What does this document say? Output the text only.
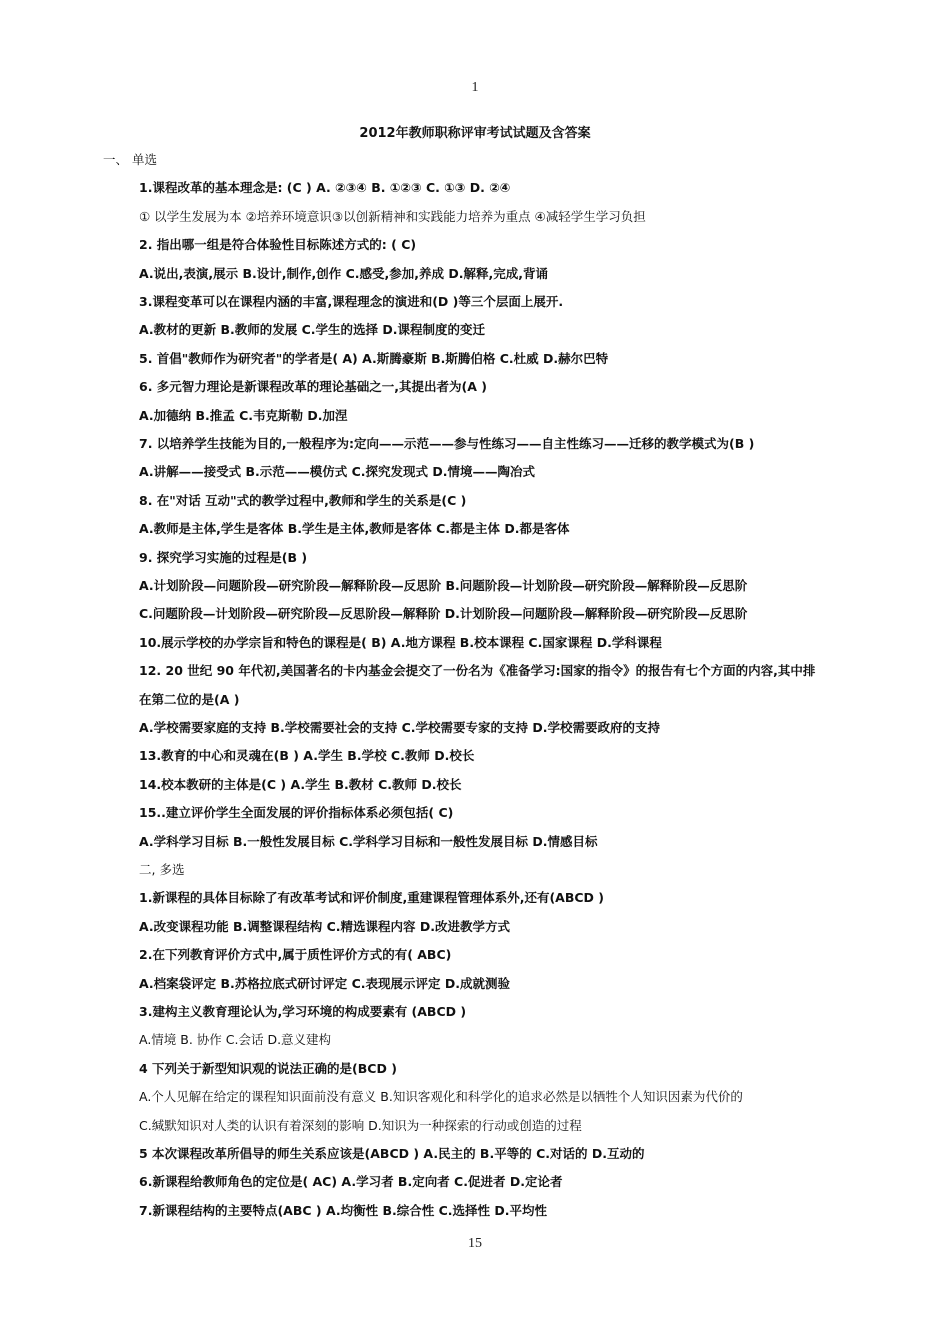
1
2012年教师职称评审考试试题及含答案
一、 单选
1.课程改革的基本理念是: (C ) A. ②③④ B. ①②③ C. ①③ D. ②④
① 以学生发展为本 ②培养环境意识③以创新精神和实践能力培养为重点 ④减轻学生学习负担
2. 指出哪一组是符合体验性目标陈述方式的: ( C)
A.说出,表演,展示 B.设计,制作,创作 C.感受,参加,养成 D.解释,完成,背诵
3.课程变革可以在课程内涵的丰富,课程理念的演进和(D )等三个层面上展开.
A.教材的更新 B.教师的发展 C.学生的选择 D.课程制度的变迁
5. 首倡"教师作为研究者"的学者是( A) A.斯腾豪斯 B.斯腾伯格 C.杜威 D.赫尔巴特
6. 多元智力理论是新课程改革的理论基础之一,其提出者为(A )
A.加德纳 B.推孟 C.韦克斯勒 D.加涅
7. 以培养学生技能为目的,一般程序为:定向——示范——参与性练习——自主性练习——迁移的教学模式为(B )
A.讲解——接受式 B.示范——模仿式 C.探究发现式 D.情境——陶冶式
8. 在"对话 互动"式的教学过程中,教师和学生的关系是(C )
A.教师是主体,学生是客体 B.学生是主体,教师是客体 C.都是主体 D.都是客体
9. 探究学习实施的过程是(B )
A.计划阶段—问题阶段—研究阶段—解释阶段—反思阶 B.问题阶段—计划阶段—研究阶段—解释阶段—反思阶
C.问题阶段—计划阶段—研究阶段—反思阶段—解释阶 D.计划阶段—问题阶段—解释阶段—研究阶段—反思阶
10.展示学校的办学宗旨和特色的课程是( B) A.地方课程 B.校本课程 C.国家课程 D.学科课程
12. 20 世纪 90 年代初,美国著名的卡内基金会提交了一份名为《准备学习:国家的指令》的报告有七个方面的内容,其中排
在第二位的是(A )
A.学校需要家庭的支持 B.学校需要社会的支持 C.学校需要专家的支持 D.学校需要政府的支持
13.教育的中心和灵魂在(B ) A.学生 B.学校 C.教师 D.校长
14.校本教研的主体是(C ) A.学生 B.教材 C.教师 D.校长
15..建立评价学生全面发展的评价指标体系必须包括( C)
A.学科学习目标 B.一般性发展目标 C.学科学习目标和一般性发展目标 D.情感目标
二, 多选
1.新课程的具体目标除了有改革考试和评价制度,重建课程管理体系外,还有(ABCD )
A.改变课程功能 B.调整课程结构 C.精选课程内容 D.改进教学方式
2.在下列教育评价方式中,属于质性评价方式的有( ABC)
A.档案袋评定 B.苏格拉底式研讨评定 C.表现展示评定 D.成就测验
3.建构主义教育理论认为,学习环境的构成要素有 (ABCD )
A.情境 B. 协作 C.会话 D.意义建构
4 下列关于新型知识观的说法正确的是(BCD )
A.个人见解在给定的课程知识面前没有意义 B.知识客观化和科学化的追求必然是以牺牲个人知识因素为代价的
C.缄默知识对人类的认识有着深刻的影响 D.知识为一种探索的行动或创造的过程
5 本次课程改革所倡导的师生关系应该是(ABCD ) A.民主的 B.平等的 C.对话的 D.互动的
6.新课程给教师角色的定位是( AC) A.学习者 B.定向者 C.促进者 D.定论者
7.新课程结构的主要特点(ABC ) A.均衡性 B.综合性 C.选择性 D.平均性
15
